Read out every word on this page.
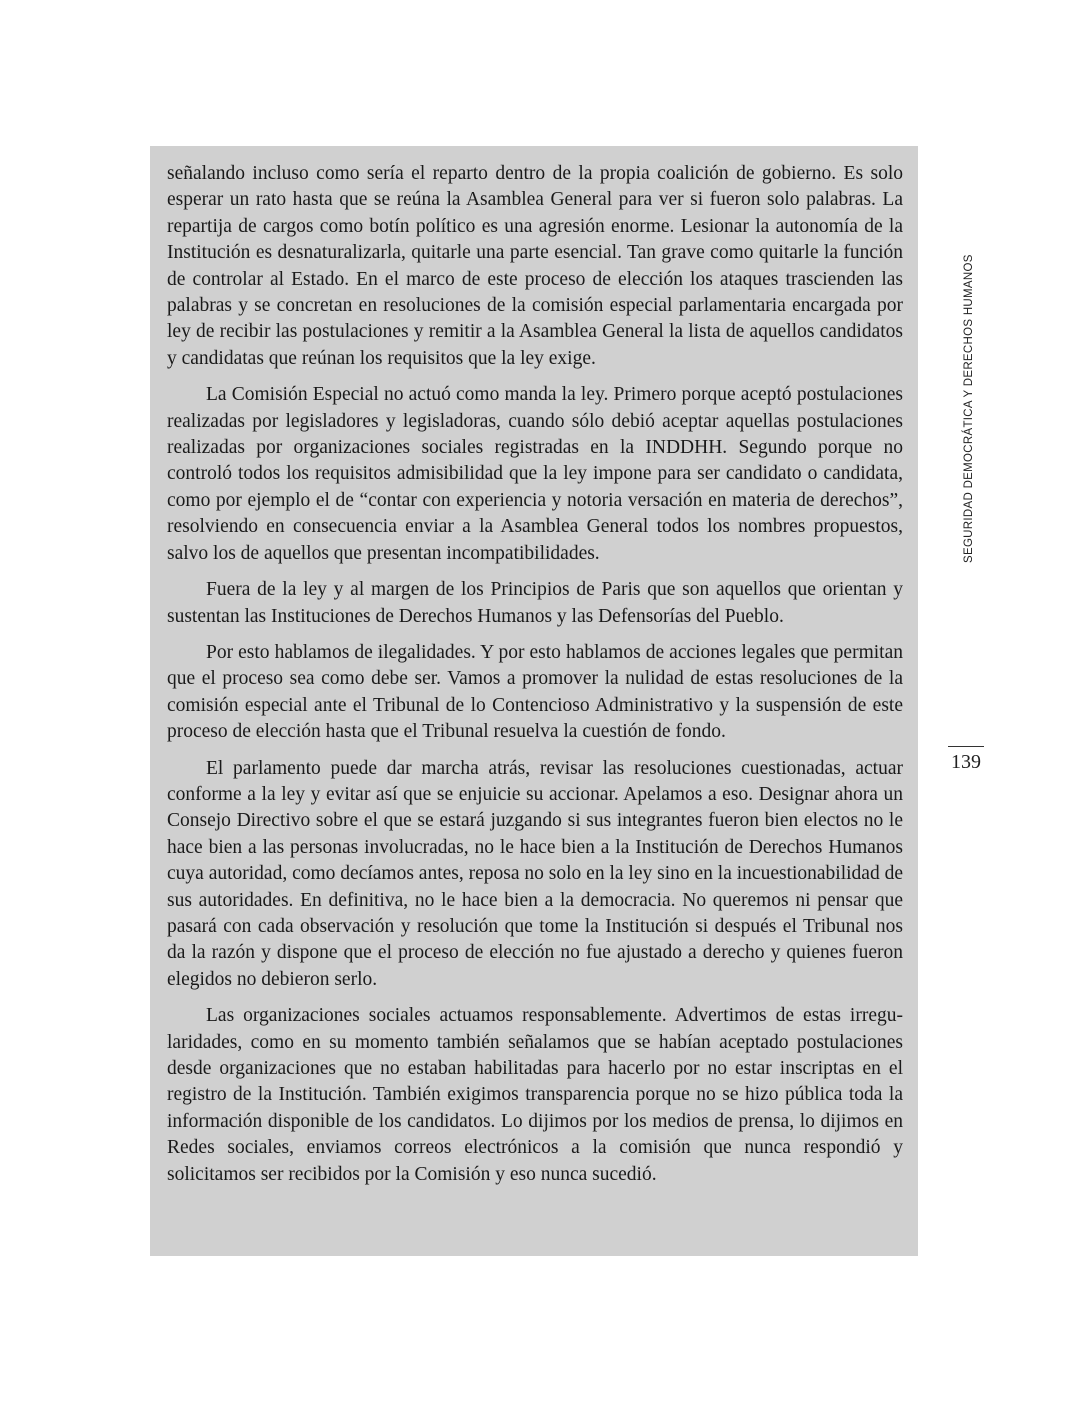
señalando incluso como sería el reparto dentro de la propia coalición de gobierno. Es solo esperar un rato hasta que se reúna la Asamblea General para ver si fueron solo palabras. La repartija de cargos como botín político es una agresión enorme. Lesionar la autonomía de la Institución es desnaturalizarla, quitarle una parte esencial. Tan grave como quitarle la función de controlar al Estado. En el marco de este proceso de elección los ataques trascienden las palabras y se concretan en resoluciones de la comisión especial parlamentaria encargada por ley de recibir las postulaciones y remitir a la Asamblea General la lista de aquellos candidatos y candidatas que reúnan los requisitos que la ley exige.

La Comisión Especial no actuó como manda la ley. Primero porque aceptó postulaciones realizadas por legisladores y legisladoras, cuando sólo debió aceptar aquellas postulaciones realizadas por organizaciones sociales registradas en la INDDHH. Segundo porque no controló todos los requisitos admisibilidad que la ley impone para ser candidato o candidata, como por ejemplo el de “contar con experiencia y notoria versación en materia de derechos”, resolviendo en consecuencia enviar a la Asamblea General todos los nombres propuestos, salvo los de aquellos que presentan incompatibilidades.

Fuera de la ley y al margen de los Principios de Paris que son aquellos que orientan y sustentan las Instituciones de Derechos Humanos y las Defensorías del Pueblo.

Por esto hablamos de ilegalidades. Y por esto hablamos de acciones legales que permitan que el proceso sea como debe ser. Vamos a promover la nulidad de estas resoluciones de la comisión especial ante el Tribunal de lo Contencioso Administrativo y la suspensión de este proceso de elección hasta que el Tribunal resuelva la cuestión de fondo.

El parlamento puede dar marcha atrás, revisar las resoluciones cuestionadas, actuar conforme a la ley y evitar así que se enjuicie su accionar. Apelamos a eso. Designar ahora un Consejo Directivo sobre el que se estará juzgando si sus integrantes fueron bien electos no le hace bien a las personas involucradas, no le hace bien a la Institución de Derechos Humanos cuya autoridad, como decíamos antes, reposa no solo en la ley sino en la incuestionabilidad de sus autoridades. En definitiva, no le hace bien a la democracia. No queremos ni pensar que pasará con cada observación y resolución que tome la Institución si después el Tribunal nos da la razón y dispone que el proceso de elección no fue ajustado a derecho y quienes fueron elegidos no debieron serlo.

Las organizaciones sociales actuamos responsablemente. Advertimos de estas irregularidades, como en su momento también señalamos que se habían aceptado postulaciones desde organizaciones que no estaban habilitadas para hacerlo por no estar inscriptas en el registro de la Institución. También exigimos transparencia porque no se hizo pública toda la información disponible de los candidatos. Lo dijimos por los medios de prensa, lo dijimos en Redes sociales, enviamos correos electrónicos a la comisión que nunca respondió y solicitamos ser recibidos por la Comisión y eso nunca sucedió.

SEGURIDAD DEMOCRÁTICA Y DERECHOS HUMANOS
139
